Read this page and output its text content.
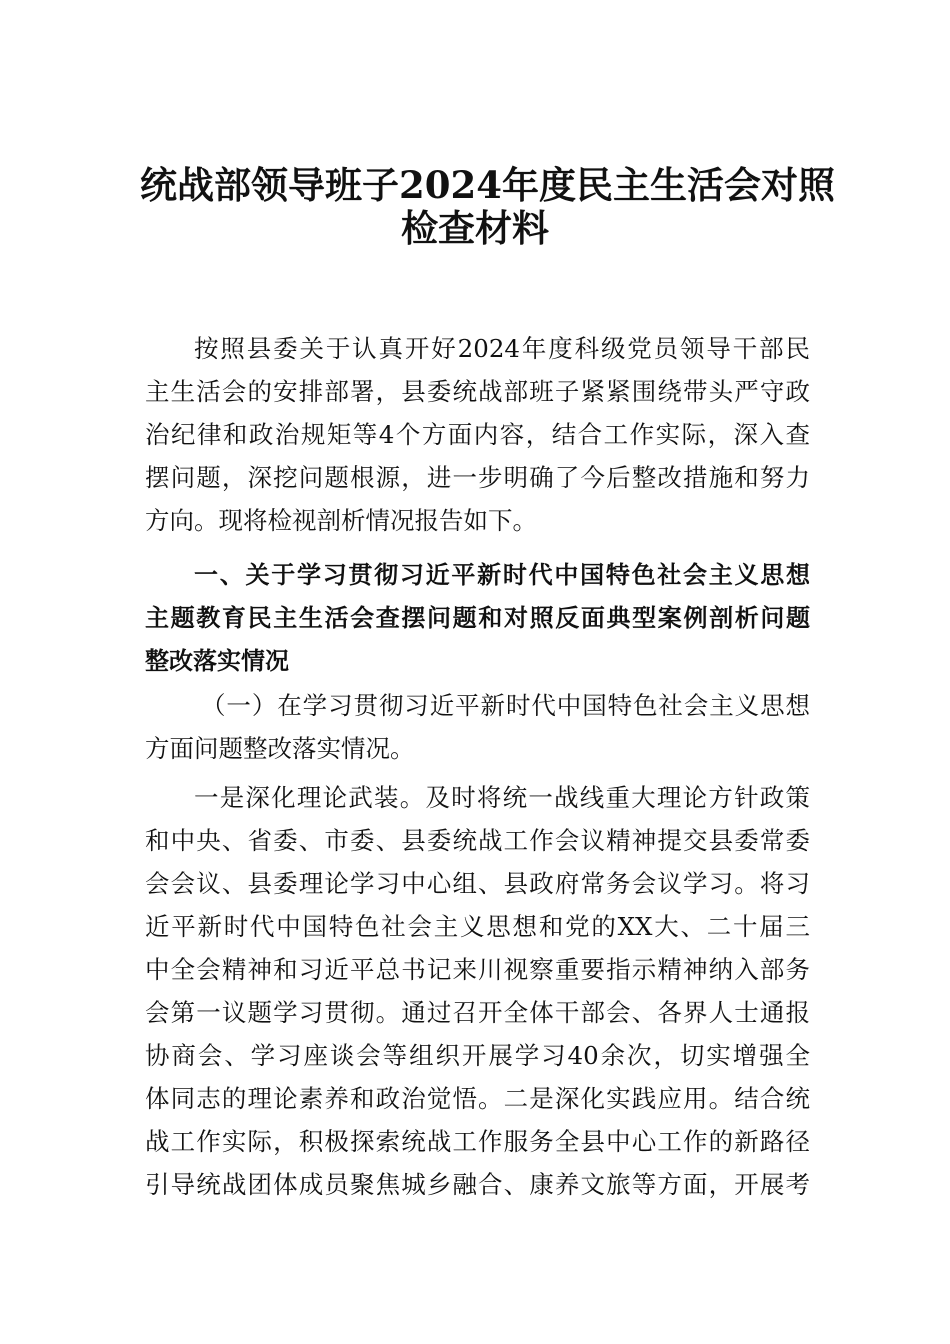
统战部领导班子2024年度民主生活会对照
检查材料
按照县委关于认真开好2024年度科级党员领导干部民
主生活会的安排部署，县委统战部班子紧紧围绕带头严守政
治纪律和政治规矩等4个方面内容，结合工作实际，深入查
摆问题，深挖问题根源，进一步明确了今后整改措施和努力
方向。现将检视剖析情况报告如下。
一、关于学习贯彻习近平新时代中国特色社会主义思想
主题教育民主生活会查摆问题和对照反面典型案例剖析问题
整改落实情况
（一）在学习贯彻习近平新时代中国特色社会主义思想
方面问题整改落实情况。
一是深化理论武装。及时将统一战线重大理论方针政策
和中央、省委、市委、县委统战工作会议精神提交县委常委
会会议、县委理论学习中心组、县政府常务会议学习。将习
近平新时代中国特色社会主义思想和党的XX大、二十届三
中全会精神和习近平总书记来川视察重要指示精神纳入部务
会第一议题学习贯彻。通过召开全体干部会、各界人士通报
协商会、学习座谈会等组织开展学习40余次，切实增强全
体同志的理论素养和政治觉悟。二是深化实践应用。结合统
战工作实际，积极探索统战工作服务全县中心工作的新路径
引导统战团体成员聚焦城乡融合、康养文旅等方面，开展考
